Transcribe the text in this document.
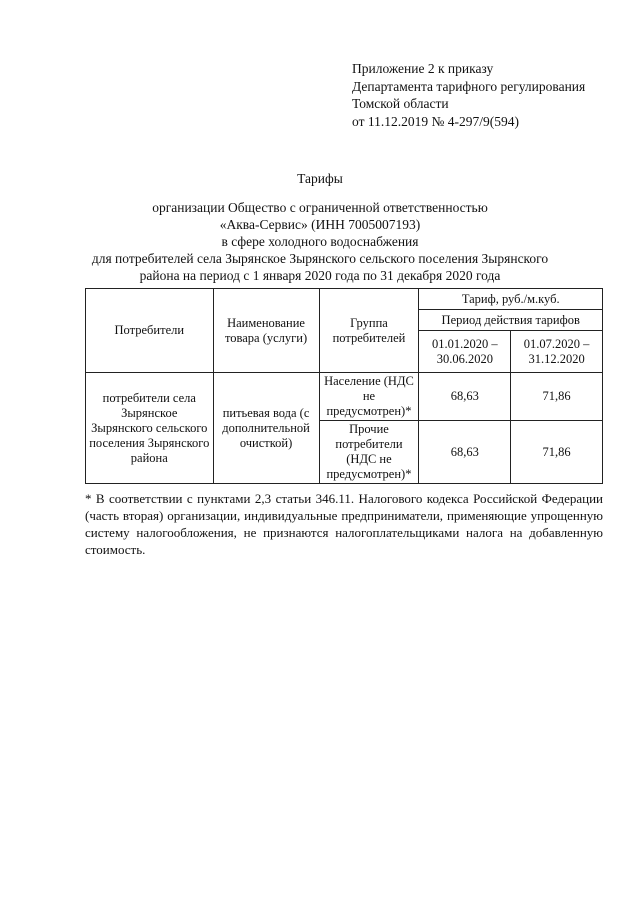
Приложение 2 к приказу
Департамента тарифного регулирования
Томской области
от 11.12.2019 № 4-297/9(594)
Тарифы
организации Общество с ограниченной ответственностью
«Аква-Сервис» (ИНН 7005007193)
в сфере холодного водоснабжения
для потребителей села Зырянское Зырянского сельского поселения Зырянского
района на период с 1 января 2020 года по 31 декабря 2020 года
Потребители	Наименование товара (услуги)	Группа потребителей	Тариф, руб./м.куб.	
			Период действия тарифов	
			01.01.2020 – 30.06.2020	01.07.2020 – 31.12.2020
потребители села Зырянское Зырянского сельского поселения Зырянского района	питьевая вода (с дополнительной очисткой)	Население (НДС не предусмотрен)*	68,63	71,86
		Прочие потребители (НДС не предусмотрен)*	68,63	71,86
* В соответствии с пунктами 2,3 статьи 346.11. Налогового кодекса Российской Федерации (часть вторая) организации, индивидуальные предприниматели, применяющие упрощенную систему налогообложения, не признаются налогоплательщиками налога на добавленную стоимость.
